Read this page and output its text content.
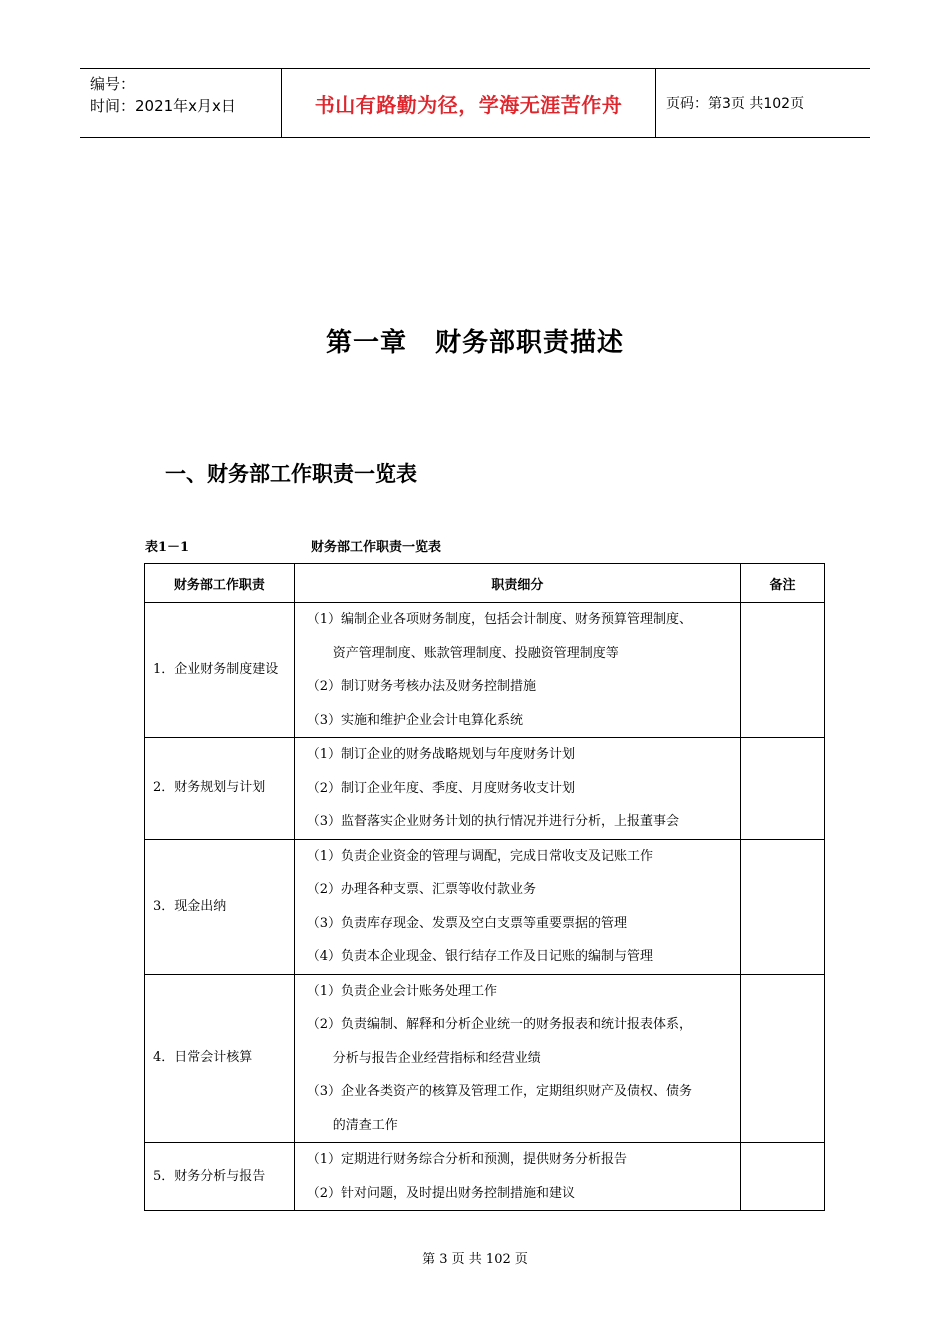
编号：
时间：2021年x月x日	书山有路勤为径，学海无涯苦作舟	页码：第3页 共102页
第一章 财务部职责描述
一、财务部工作职责一览表
表1－1	财务部工作职责一览表
财务部工作职责	职责细分	备注
1．企业财务制度建设	（1）编制企业各项财务制度，包括会计制度、财务预算管理制度、
资产管理制度、账款管理制度、投融资管理制度等
（2）制订财务考核办法及财务控制措施
（3）实施和维护企业会计电算化系统	

2．财务规划与计划	（1）制订企业的财务战略规划与年度财务计划
（2）制订企业年度、季度、月度财务收支计划
（3）监督落实企业财务计划的执行情况并进行分析，上报董事会	

3．现金出纳	（1）负责企业资金的管理与调配，完成日常收支及记账工作
（2）办理各种支票、汇票等收付款业务
（3）负责库存现金、发票及空白支票等重要票据的管理
（4）负责本企业现金、银行结存工作及日记账的编制与管理	

4．日常会计核算	（1）负责企业会计账务处理工作
（2）负责编制、解释和分析企业统一的财务报表和统计报表体系，
分析与报告企业经营指标和经营业绩
（3）企业各类资产的核算及管理工作，定期组织财产及债权、债务
的清查工作	

5．财务分析与报告	（1）定期进行财务综合分析和预测，提供财务分析报告
（2）针对问题，及时提出财务控制措施和建议	

第 3 页 共 102 页
